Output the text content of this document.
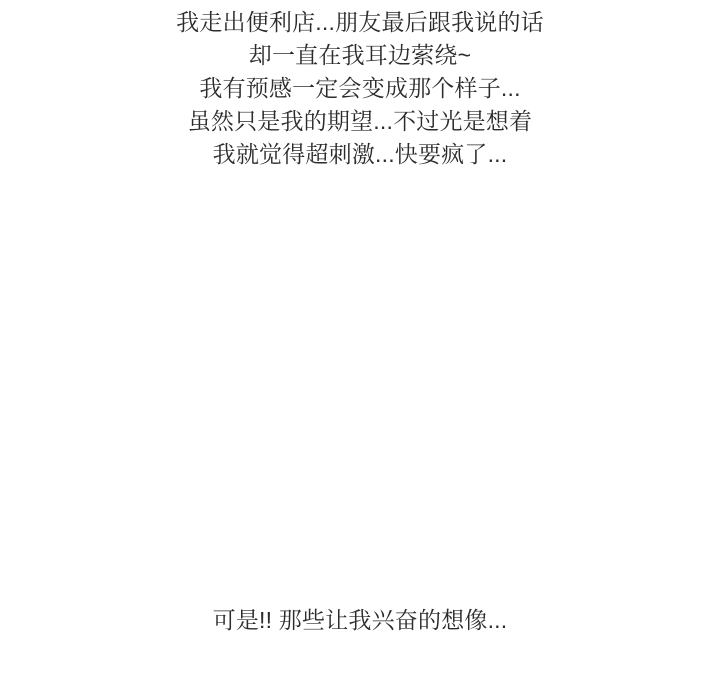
我走出便利店...朋友最后跟我说的话
却一直在我耳边萦绕~
我有预感一定会变成那个样子...
虽然只是我的期望...不过光是想着
我就觉得超刺激...快要疯了...
可是!! 那些让我兴奋的想像...
